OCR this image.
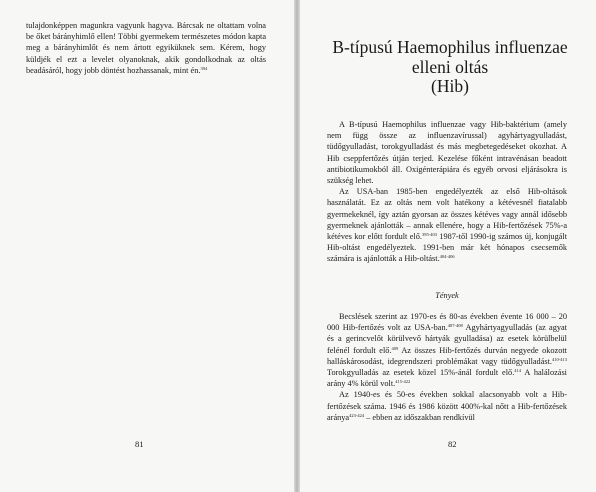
tulajdonképpen magunkra vagyunk hagyva. Bárcsak ne oltattam volna be őket bárányhimlő ellen! Többi gyermekem természetes módon kapta meg a bárányhimlőt és nem ártott egyiküknek sem. Kérem, hogy küldjék el ezt a levelet olyanoknak, akik gondolkodnak az oltás beadásáról, hogy jobb döntést hozhassanak, mint én.$^{394}$

B-típusú Haemophilus influenzae
elleni oltás
(Hib)

A B-típusú Haemophilus influenzae vagy Hib-baktérium (amely nem függ össze az influenzavírussal) agyhártyagyulladást, tüdőgyulladást, torokgyulladást és más megbetegedéseket okozhat. A Hib cseppfertőzés útján terjed. Kezelése főként intravénásan beadott antibiotikumokból áll. Oxigénterápiára és egyéb orvosi eljárásokra is szükség lehet.

Az USA-ban 1985-ben engedélyezték az első Hib-oltások használatát. Ez az oltás nem volt hatékony a kétévesnél fiatalabb gyermekeknél, így aztán gyorsan az összes kétéves vagy annál idősebb gyermeknek ajánlották – annak ellenére, hogy a Hib-fertőzések 75%-a kétéves kor előtt fordult elő.$^{395-403}$ 1987-től 1990-ig számos új, konjugált Hib-oltást engedélyeztek. 1991-ben már két hónapos csecsemők számára is ajánlották a Hib-oltást.$^{404-406}$

Tények

Becslések szerint az 1970-es és 80-as években évente 16 000 – 20 000 Hib-fertőzés volt az USA-ban.$^{407-408}$ Agyhártyagyulladás (az agyat és a gerincvelőt körülvevő hártyák gyulladása) az esetek körülbelül felénél fordult elő.$^{409}$ Az összes Hib-fertőzés durván negyede okozott halláskárosodást, idegrendszeri problémákat vagy tüdőgyulladást.$^{410-413}$ Torokgyulladás az esetek közel 15%-ánál fordult elő.$^{414}$ A halálozási arány 4% körül volt.$^{415-422}$

Az 1940-es és 50-es években sokkal alacsonyabb volt a Hib-fertőzések száma. 1946 és 1986 között 400%-kal nőtt a Hib-fertőzések aránya$^{423-424}$ – ebben az időszakban rendkívül

81	82
